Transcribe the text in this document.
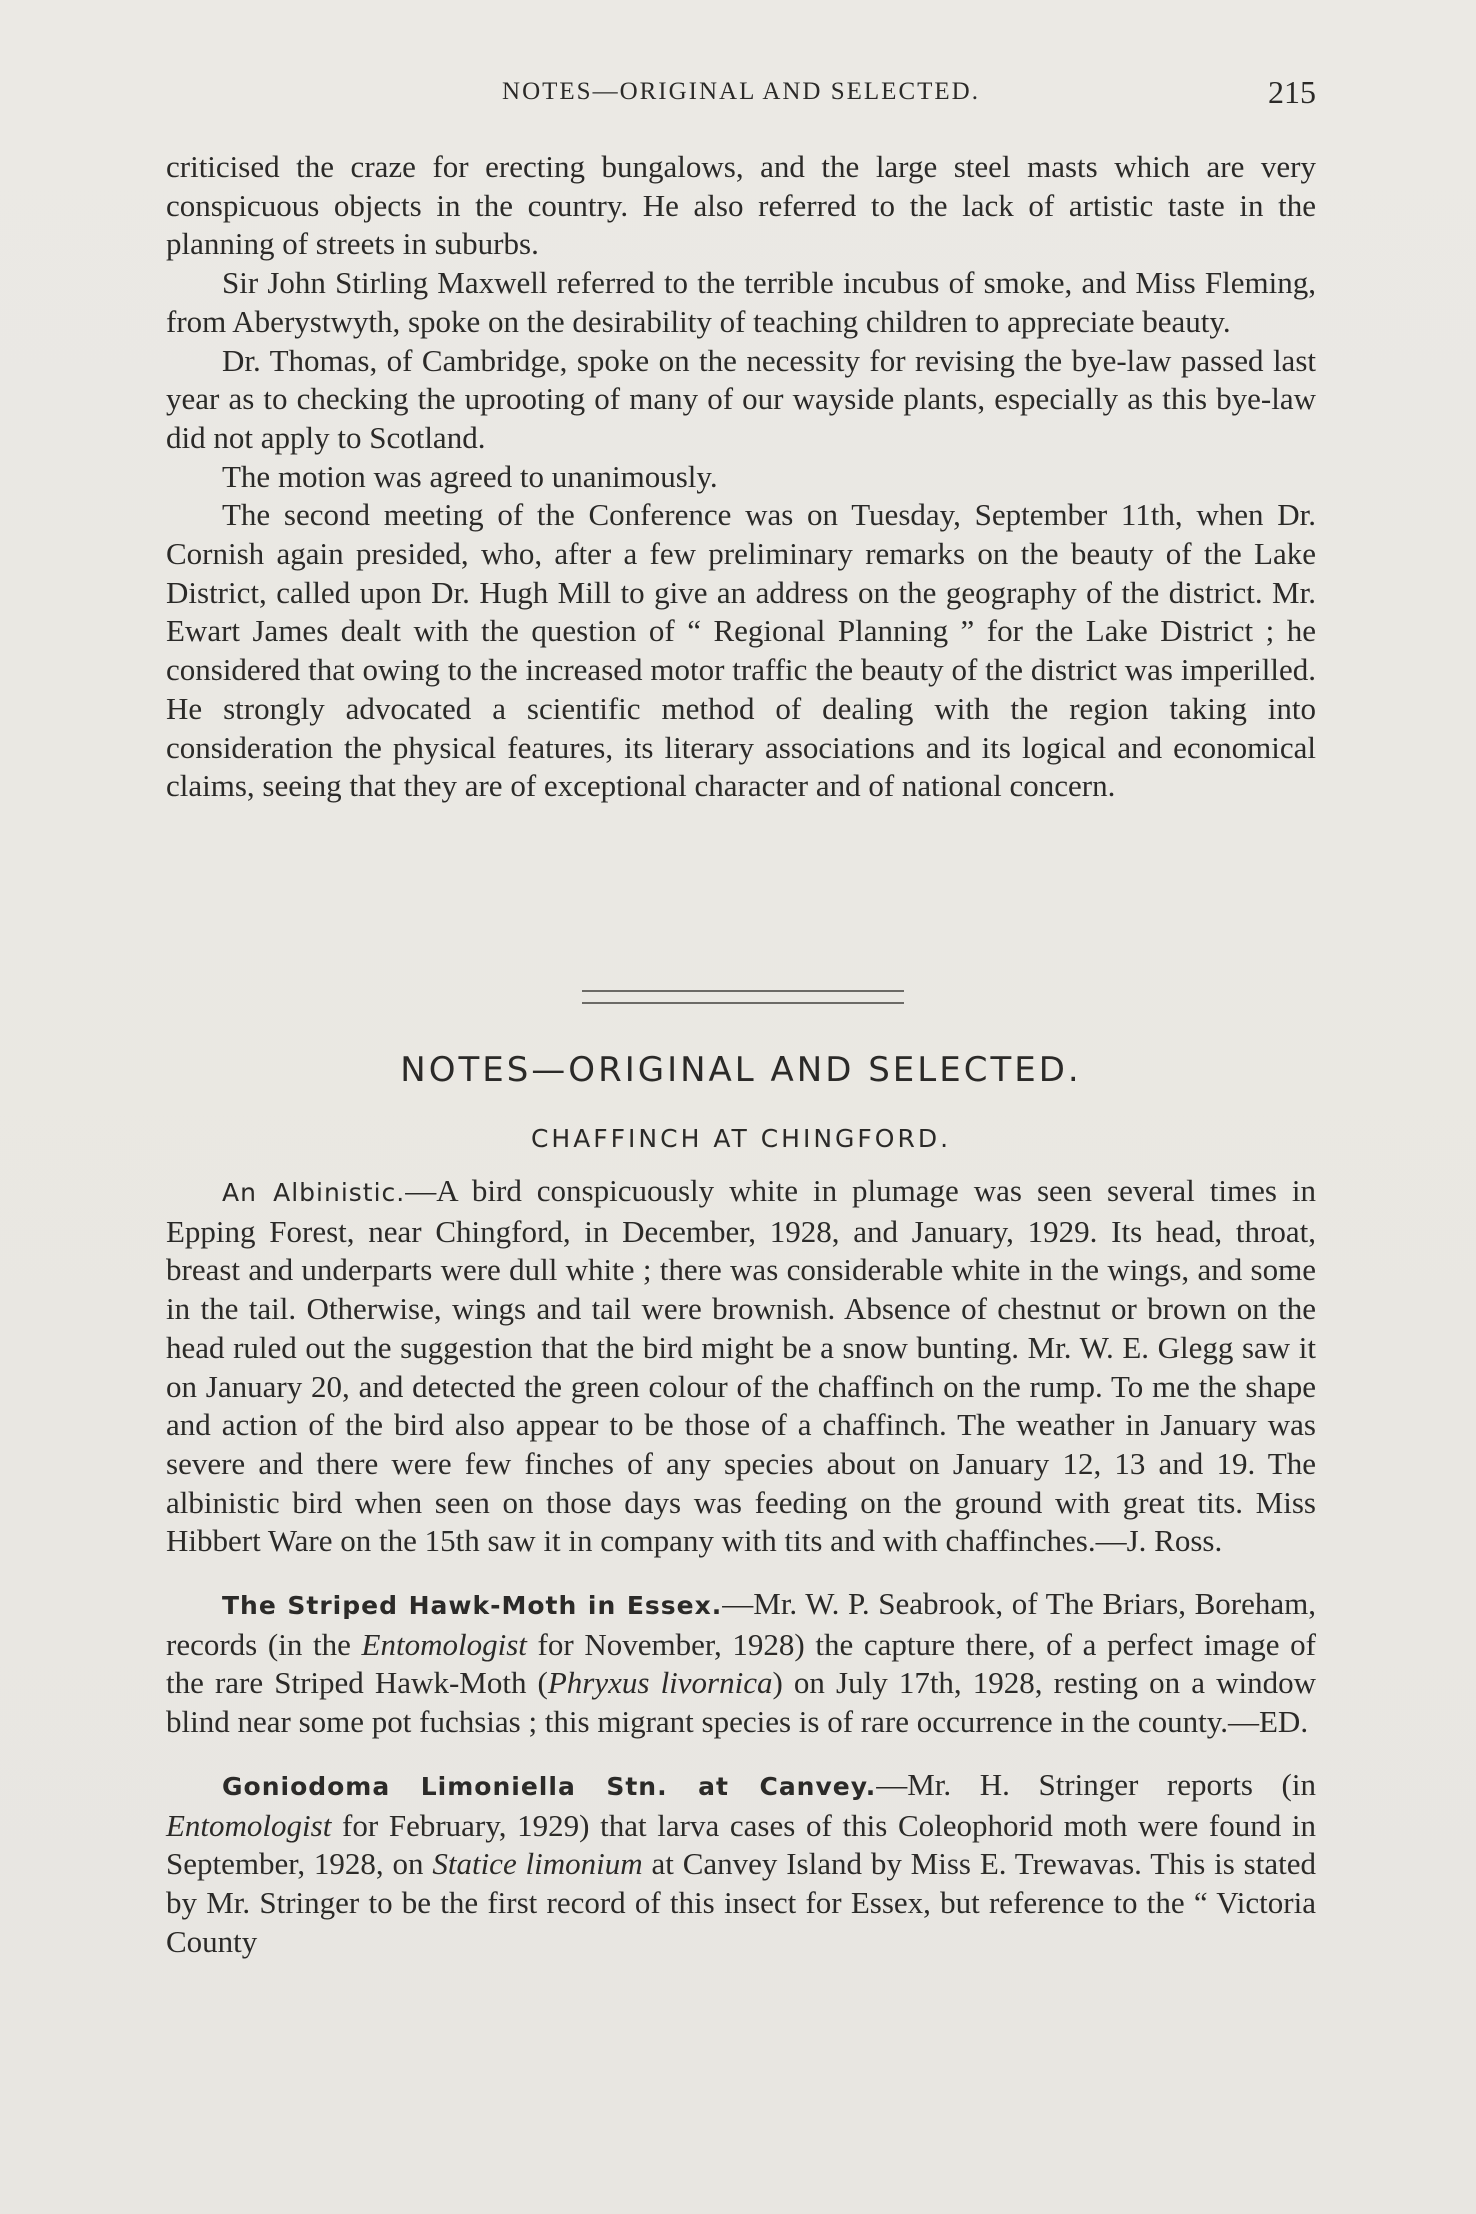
NOTES—ORIGINAL AND SELECTED.	215

criticised the craze for erecting bungalows, and the large steel masts which are very conspicuous objects in the country. He also referred to the lack of artistic taste in the planning of streets in suburbs.

Sir John Stirling Maxwell referred to the terrible incubus of smoke, and Miss Fleming, from Aberystwyth, spoke on the desirability of teaching children to appreciate beauty.

Dr. Thomas, of Cambridge, spoke on the necessity for revising the bye-law passed last year as to checking the uprooting of many of our wayside plants, especially as this bye-law did not apply to Scotland.

The motion was agreed to unanimously.

The second meeting of the Conference was on Tuesday, September 11th, when Dr. Cornish again presided, who, after a few preliminary remarks on the beauty of the Lake District, called upon Dr. Hugh Mill to give an address on the geography of the district. Mr. Ewart James dealt with the question of “ Regional Planning ” for the Lake District ; he considered that owing to the increased motor traffic the beauty of the district was imperilled. He strongly advocated a scientific method of dealing with the region taking into consideration the physical features, its literary associations and its logical and economical claims, seeing that they are of exceptional character and of national concern.

NOTES—ORIGINAL AND SELECTED.
CHAFFINCH AT CHINGFORD.

An Albinistic.—A bird conspicuously white in plumage was seen several times in Epping Forest, near Chingford, in December, 1928, and January, 1929. Its head, throat, breast and underparts were dull white ; there was considerable white in the wings, and some in the tail. Otherwise, wings and tail were brownish. Absence of chestnut or brown on the head ruled out the suggestion that the bird might be a snow bunting. Mr. W. E. Glegg saw it on January 20, and detected the green colour of the chaffinch on the rump. To me the shape and action of the bird also appear to be those of a chaffinch. The weather in January was severe and there were few finches of any species about on January 12, 13 and 19. The albinistic bird when seen on those days was feeding on the ground with great tits. Miss Hibbert Ware on the 15th saw it in company with tits and with chaffinches.—J. Ross.

The Striped Hawk-Moth in Essex.—Mr. W. P. Seabrook, of The Briars, Boreham, records (in the Entomologist for November, 1928) the capture there, of a perfect image of the rare Striped Hawk-Moth (Phryxus livornica) on July 17th, 1928, resting on a window blind near some pot fuchsias ; this migrant species is of rare occurrence in the county.—ED.

Goniodoma Limoniella Stn. at Canvey.—Mr. H. Stringer reports (in Entomologist for February, 1929) that larva cases of this Coleophorid moth were found in September, 1928, on Statice limonium at Canvey Island by Miss E. Trewavas. This is stated by Mr. Stringer to be the first record of this insect for Essex, but reference to the “ Victoria County
